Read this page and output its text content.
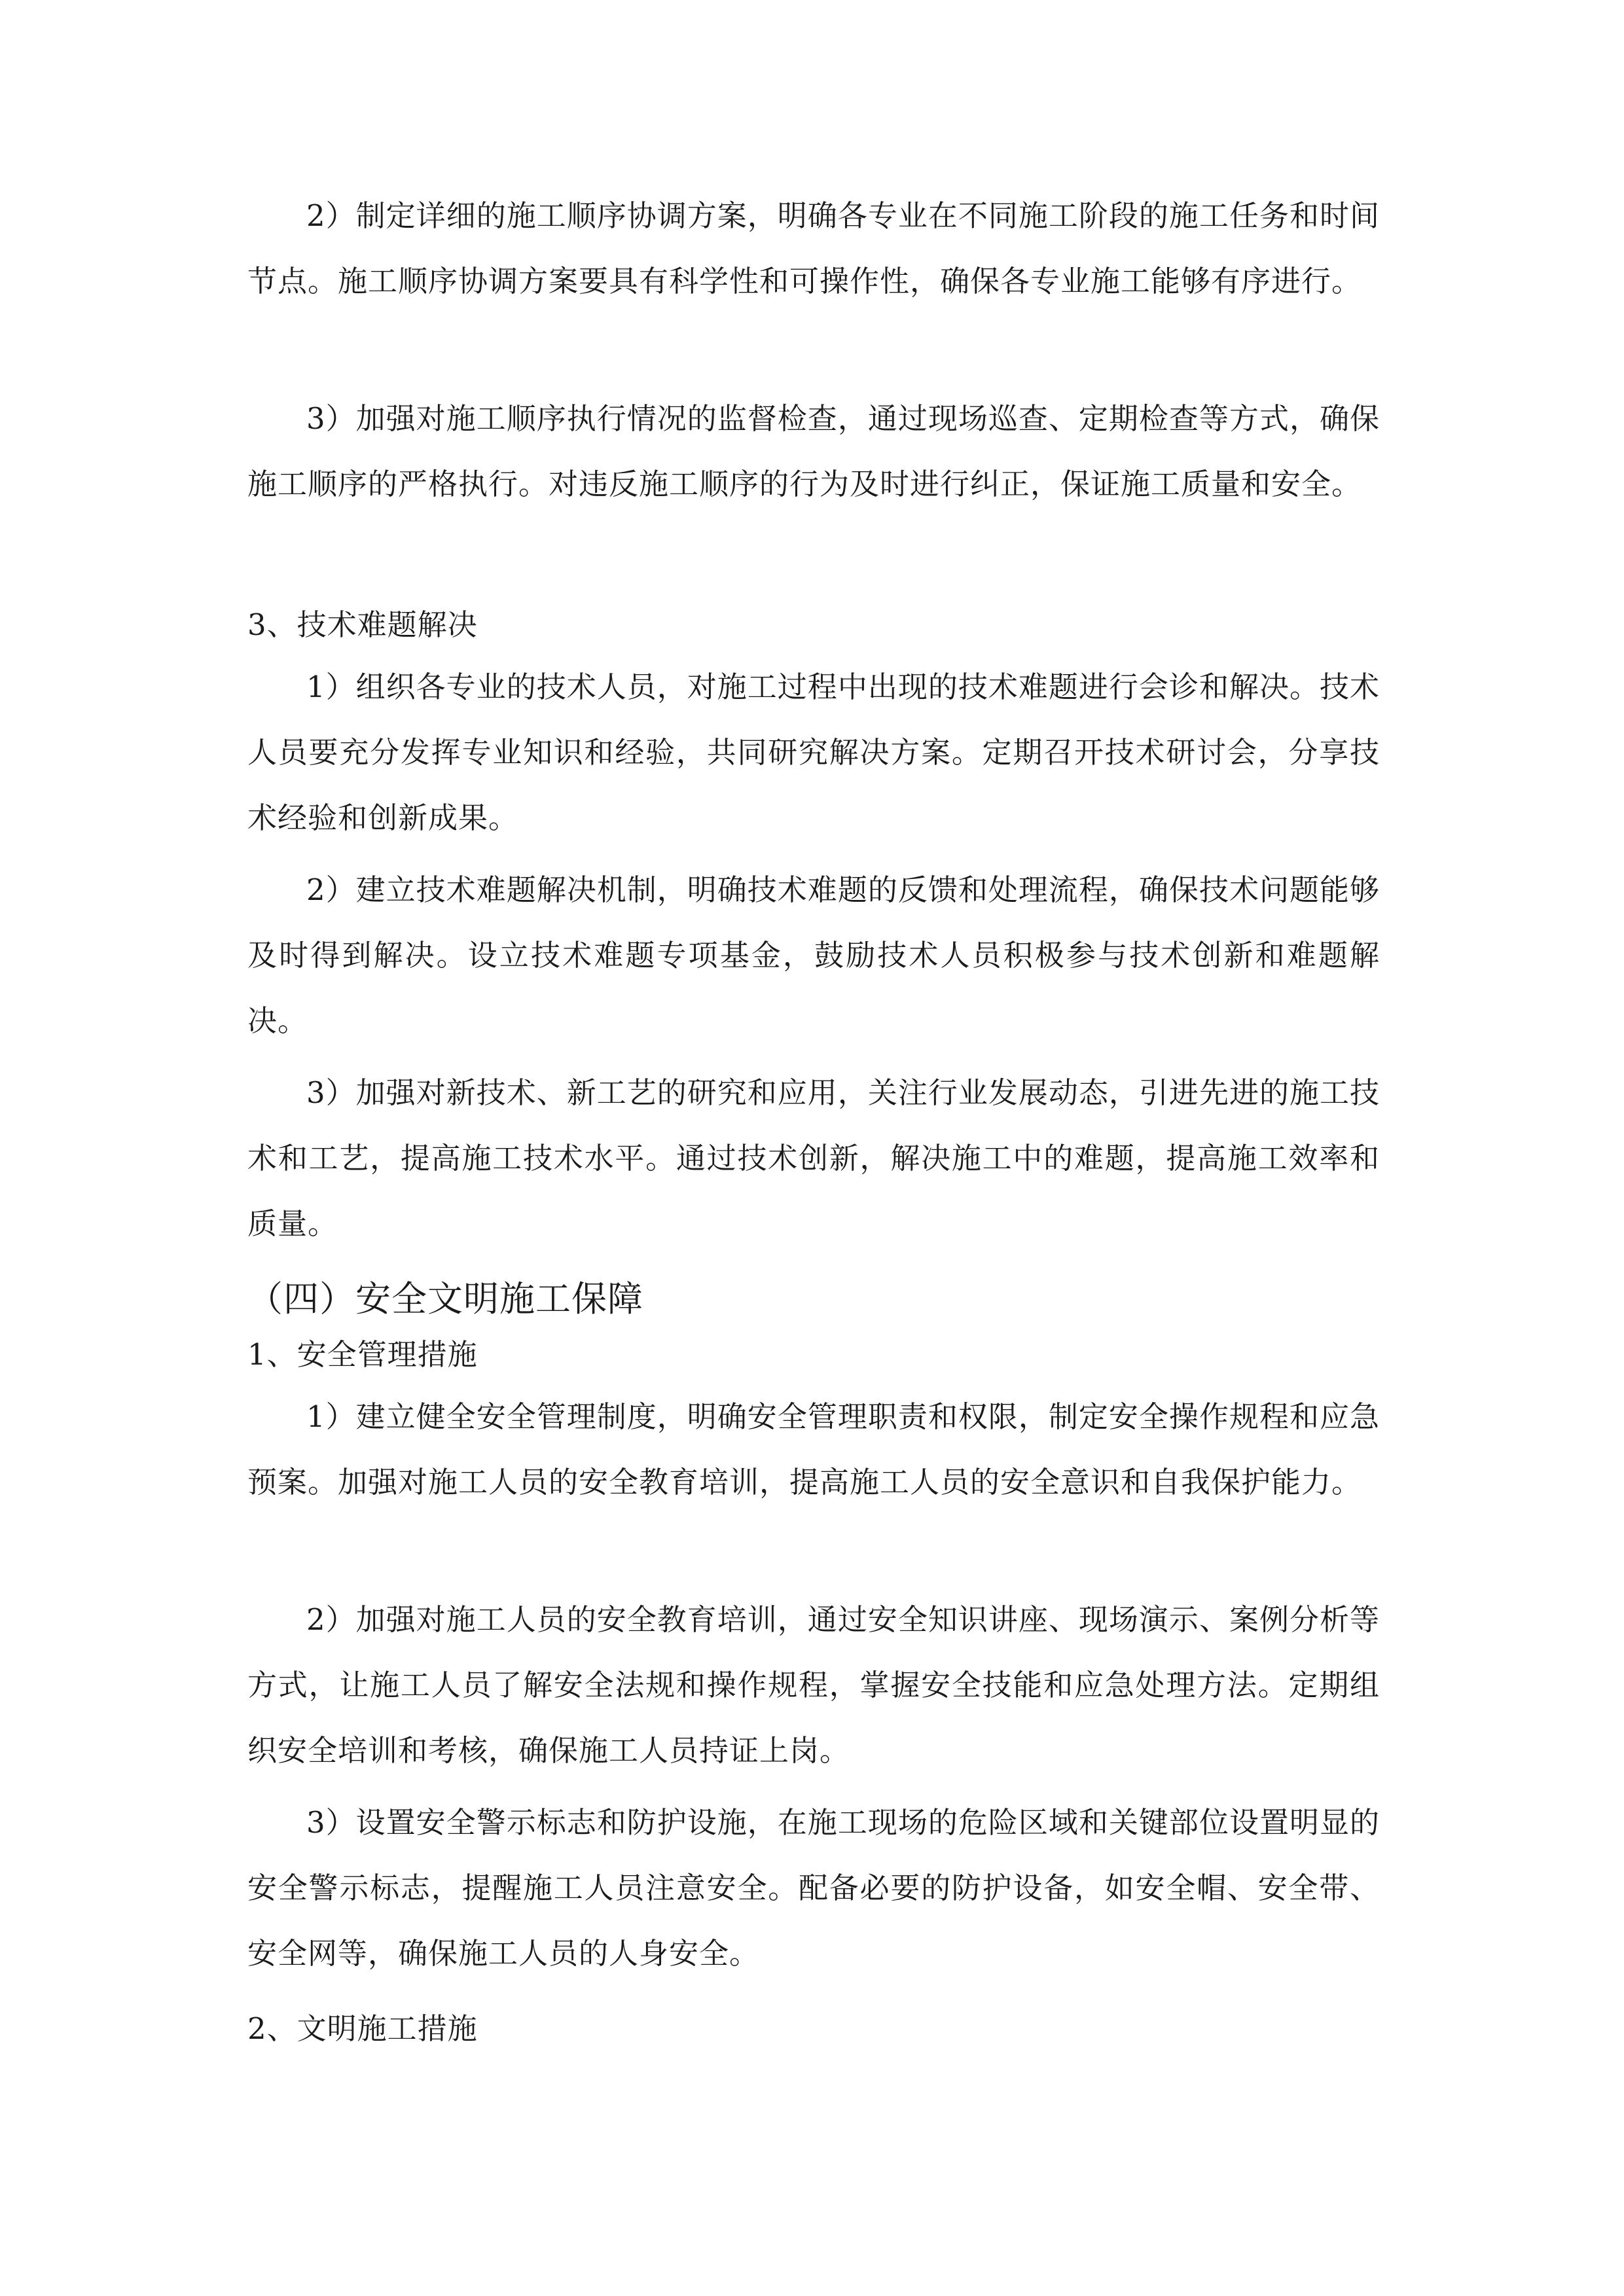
2）制定详细的施工顺序协调方案，明确各专业在不同施工阶段的施工任务和时间节点。施工顺序协调方案要具有科学性和可操作性，确保各专业施工能够有序进行。

3）加强对施工顺序执行情况的监督检查，通过现场巡查、定期检查等方式，确保施工顺序的严格执行。对违反施工顺序的行为及时进行纠正，保证施工质量和安全。

3、技术难题解决

1）组织各专业的技术人员，对施工过程中出现的技术难题进行会诊和解决。技术人员要充分发挥专业知识和经验，共同研究解决方案。定期召开技术研讨会，分享技术经验和创新成果。

2）建立技术难题解决机制，明确技术难题的反馈和处理流程，确保技术问题能够及时得到解决。设立技术难题专项基金，鼓励技术人员积极参与技术创新和难题解决。

3）加强对新技术、新工艺的研究和应用，关注行业发展动态，引进先进的施工技术和工艺，提高施工技术水平。通过技术创新，解决施工中的难题，提高施工效率和质量。

（四）安全文明施工保障

1、安全管理措施

1）建立健全安全管理制度，明确安全管理职责和权限，制定安全操作规程和应急预案。加强对施工人员的安全教育培训，提高施工人员的安全意识和自我保护能力。

2）加强对施工人员的安全教育培训，通过安全知识讲座、现场演示、案例分析等方式，让施工人员了解安全法规和操作规程，掌握安全技能和应急处理方法。定期组织安全培训和考核，确保施工人员持证上岗。

3）设置安全警示标志和防护设施，在施工现场的危险区域和关键部位设置明显的安全警示标志，提醒施工人员注意安全。配备必要的防护设备，如安全帽、安全带、安全网等，确保施工人员的人身安全。

2、文明施工措施
